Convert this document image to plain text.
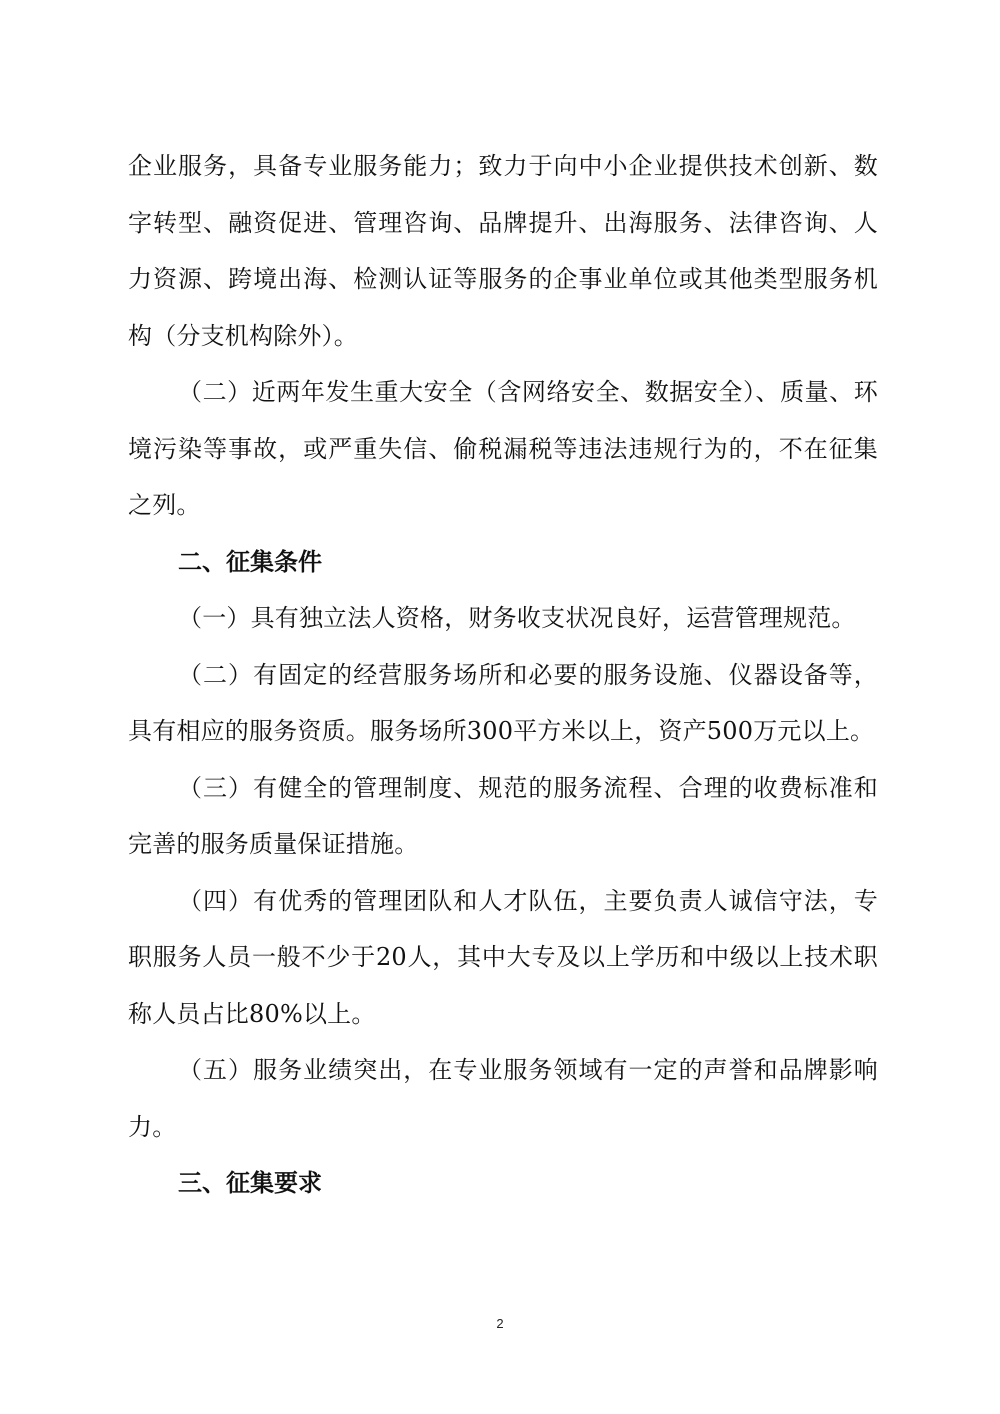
企业服务，具备专业服务能力；致力于向中小企业提供技术创新、数字转型、融资促进、管理咨询、品牌提升、出海服务、法律咨询、人力资源、跨境出海、检测认证等服务的企事业单位或其他类型服务机构（分支机构除外）。

（二）近两年发生重大安全（含网络安全、数据安全）、质量、环境污染等事故，或严重失信、偷税漏税等违法违规行为的，不在征集之列。

二、征集条件

（一）具有独立法人资格，财务收支状况良好，运营管理规范。

（二）有固定的经营服务场所和必要的服务设施、仪器设备等，具有相应的服务资质。服务场所300平方米以上，资产500万元以上。

（三）有健全的管理制度、规范的服务流程、合理的收费标准和完善的服务质量保证措施。

（四）有优秀的管理团队和人才队伍，主要负责人诚信守法，专职服务人员一般不少于20人，其中大专及以上学历和中级以上技术职称人员占比80%以上。

（五）服务业绩突出，在专业服务领域有一定的声誉和品牌影响力。

三、征集要求

2
